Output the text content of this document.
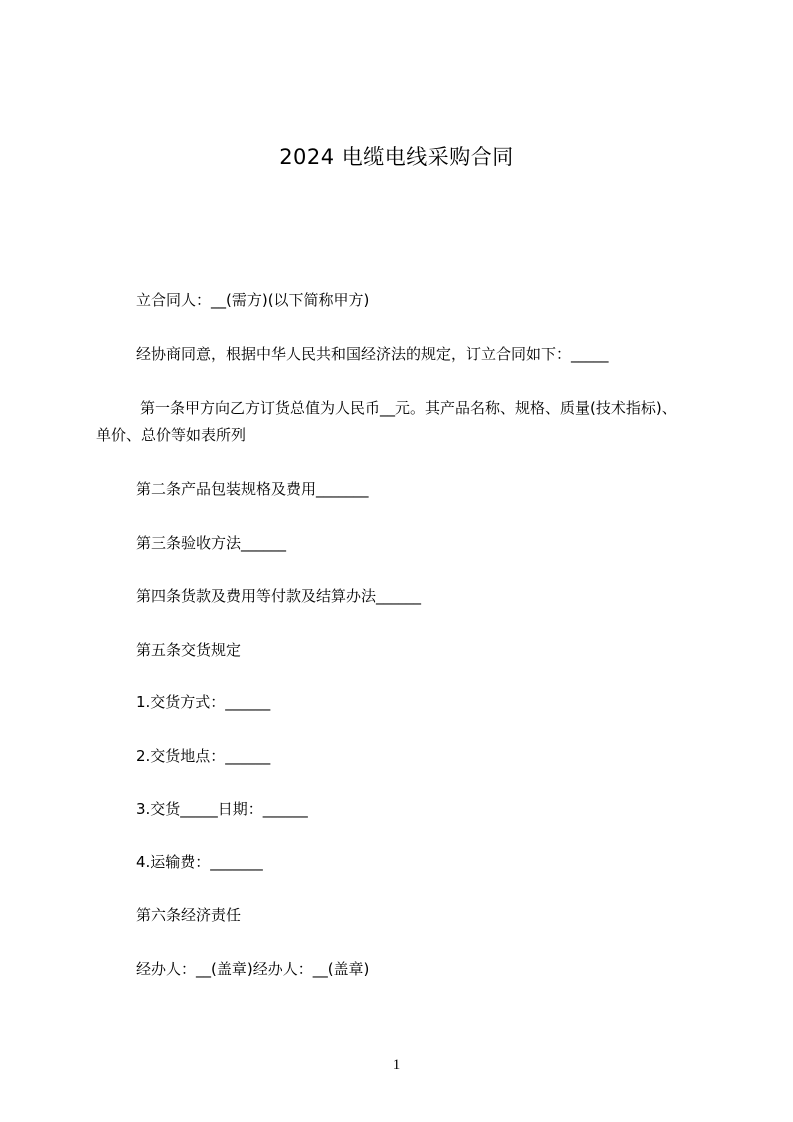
2024 电缆电线采购合同
立合同人：__(需方)(以下简称甲方)
经协商同意，根据中华人民共和国经济法的规定，订立合同如下：_____
第一条甲方向乙方订货总值为人民币__元。其产品名称、规格、质量(技术指标)、
单价、总价等如表所列
第二条产品包装规格及费用_______
第三条验收方法______
第四条货款及费用等付款及结算办法______
第五条交货规定
1.交货方式：______
2.交货地点：______
3.交货_____日期：______
4.运输费：_______
第六条经济责任
经办人：__(盖章)经办人：__(盖章)
1
